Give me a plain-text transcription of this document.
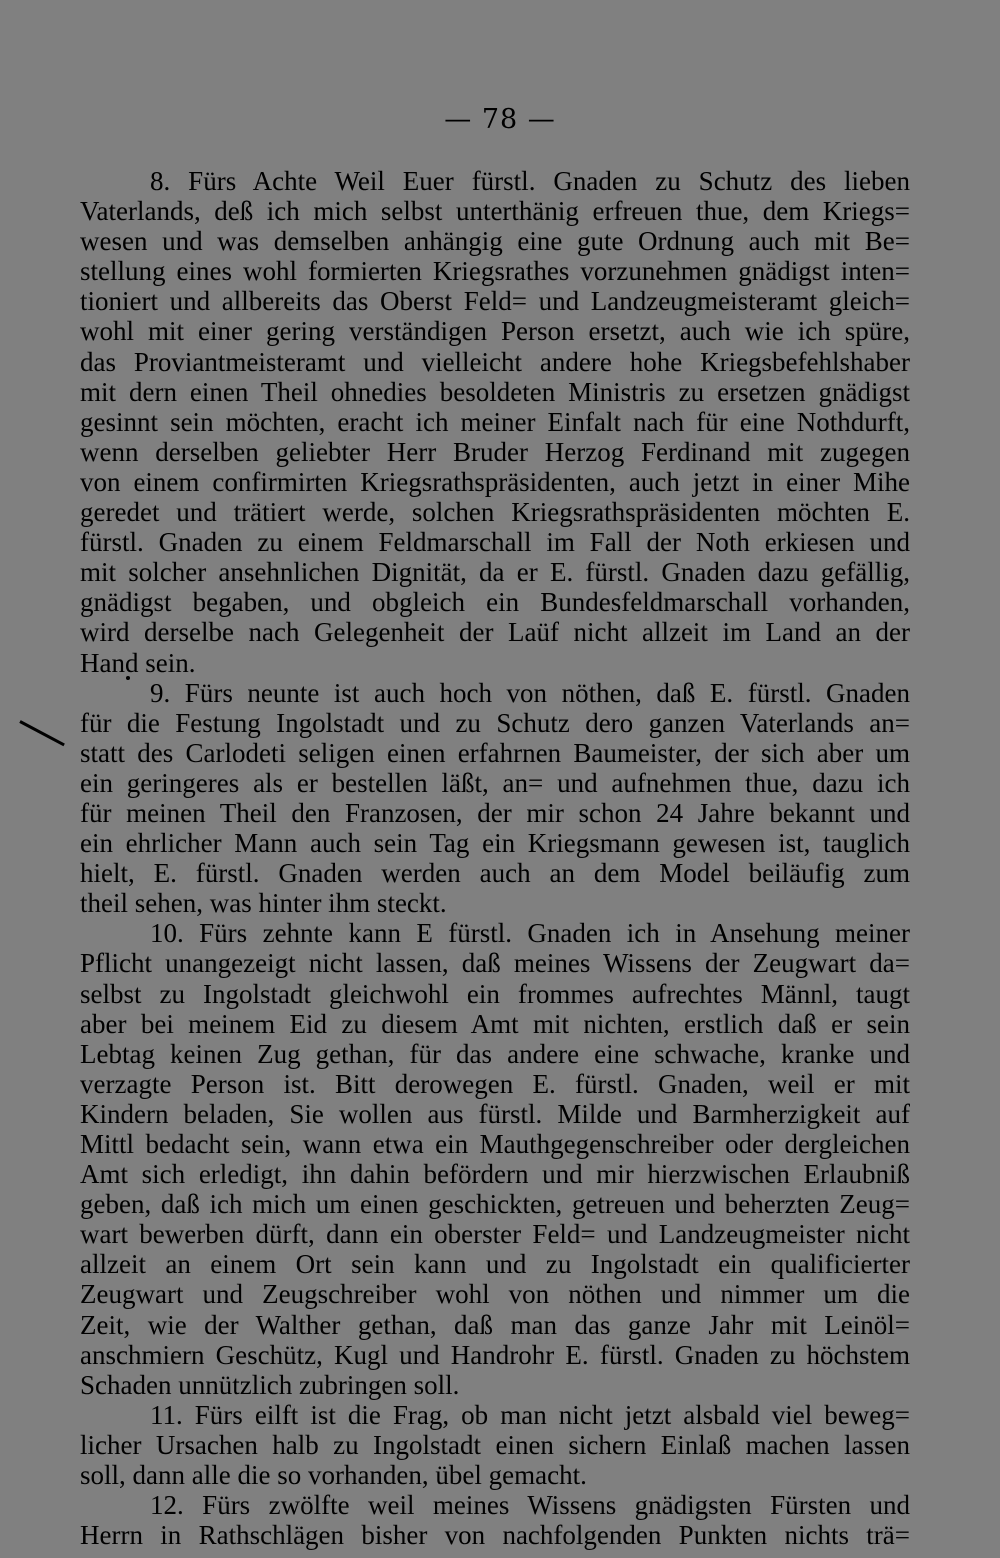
— 78 —
8. Fürs Achte Weil Euer fürstl. Gnaden zu Schutz des lieben
Vaterlands, deß ich mich selbst unterthänig erfreuen thue, dem Kriegs=
wesen und was demselben anhängig eine gute Ordnung auch mit Be=
stellung eines wohl formierten Kriegsrathes vorzunehmen gnädigst inten=
tioniert und allbereits das Oberst Feld= und Landzeugmeisteramt gleich=
wohl mit einer gering verständigen Person ersetzt, auch wie ich spüre,
das Proviantmeisteramt und vielleicht andere hohe Kriegsbefehlshaber
mit dern einen Theil ohnedies besoldeten Ministris zu ersetzen gnädigst
gesinnt sein möchten, eracht ich meiner Einfalt nach für eine Nothdurft,
wenn derselben geliebter Herr Bruder Herzog Ferdinand mit zugegen
von einem confirmirten Kriegsrathspräsidenten, auch jetzt in einer Mihe
geredet und trätiert werde, solchen Kriegsrathspräsidenten möchten E.
fürstl. Gnaden zu einem Feldmarschall im Fall der Noth erkiesen und
mit solcher ansehnlichen Dignität, da er E. fürstl. Gnaden dazu gefällig,
gnädigst begaben, und obgleich ein Bundesfeldmarschall vorhanden,
wird derselbe nach Gelegenheit der Laüf nicht allzeit im Land an der
Hand sein.
9. Fürs neunte ist auch hoch von nöthen, daß E. fürstl. Gnaden
für die Festung Ingolstadt und zu Schutz dero ganzen Vaterlands an=
statt des Carlodeti seligen einen erfahrnen Baumeister, der sich aber um
ein geringeres als er bestellen läßt, an= und aufnehmen thue, dazu ich
für meinen Theil den Franzosen, der mir schon 24 Jahre bekannt und
ein ehrlicher Mann auch sein Tag ein Kriegsmann gewesen ist, tauglich
hielt, E. fürstl. Gnaden werden auch an dem Model beiläufig zum
theil sehen, was hinter ihm steckt.
10. Fürs zehnte kann E fürstl. Gnaden ich in Ansehung meiner
Pflicht unangezeigt nicht lassen, daß meines Wissens der Zeugwart da=
selbst zu Ingolstadt gleichwohl ein frommes aufrechtes Männl, taugt
aber bei meinem Eid zu diesem Amt mit nichten, erstlich daß er sein
Lebtag keinen Zug gethan, für das andere eine schwache, kranke und
verzagte Person ist. Bitt derowegen E. fürstl. Gnaden, weil er mit
Kindern beladen, Sie wollen aus fürstl. Milde und Barmherzigkeit auf
Mittl bedacht sein, wann etwa ein Mauthgegenschreiber oder dergleichen
Amt sich erledigt, ihn dahin befördern und mir hierzwischen Erlaubniß
geben, daß ich mich um einen geschickten, getreuen und beherzten Zeug=
wart bewerben dürft, dann ein oberster Feld= und Landzeugmeister nicht
allzeit an einem Ort sein kann und zu Ingolstadt ein qualificierter
Zeugwart und Zeugschreiber wohl von nöthen und nimmer um die
Zeit, wie der Walther gethan, daß man das ganze Jahr mit Leinöl=
anschmiern Geschütz, Kugl und Handrohr E. fürstl. Gnaden zu höchstem
Schaden unnützlich zubringen soll.
11. Fürs eilft ist die Frag, ob man nicht jetzt alsbald viel beweg=
licher Ursachen halb zu Ingolstadt einen sichern Einlaß machen lassen
soll, dann alle die so vorhanden, übel gemacht.
12. Fürs zwölfte weil meines Wissens gnädigsten Fürsten und
Herrn in Rathschlägen bisher von nachfolgenden Punkten nichts trä=
